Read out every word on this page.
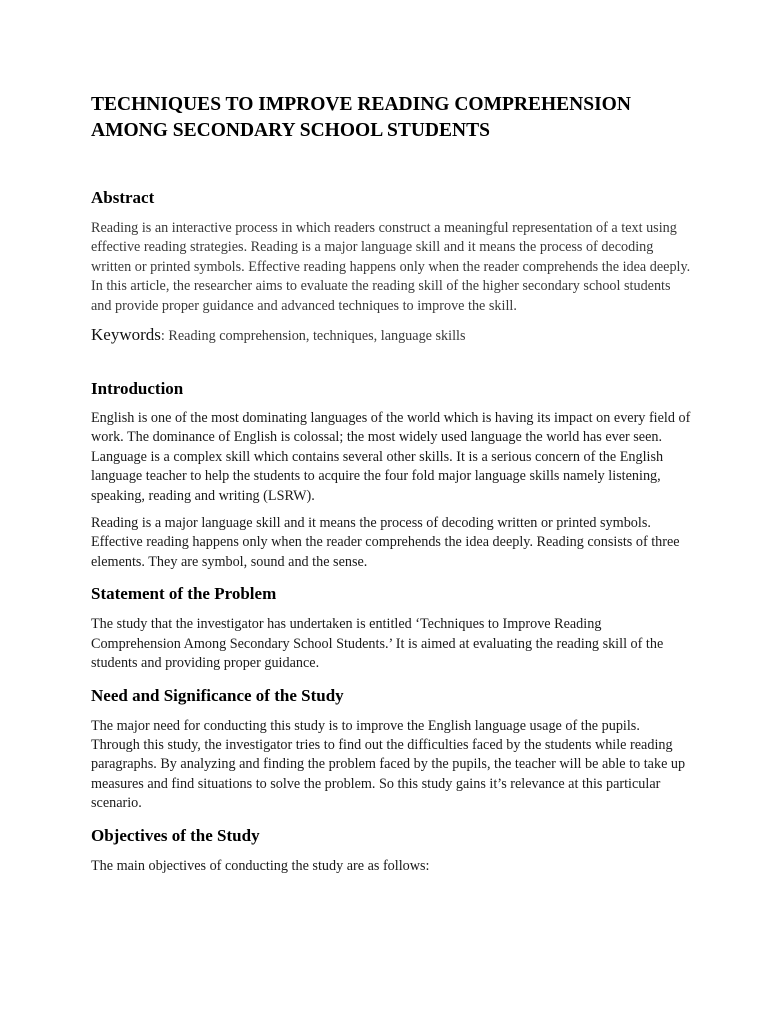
TECHNIQUES TO IMPROVE READING COMPREHENSION
AMONG SECONDARY SCHOOL STUDENTS
Abstract

Reading is an interactive process in which readers construct a meaningful representation of a text using effective reading strategies. Reading is a major language skill and it means the process of decoding written or printed symbols. Effective reading happens only when the reader comprehends the idea deeply. In this article, the researcher aims to evaluate the reading skill of the higher secondary school students and provide proper guidance and advanced techniques to improve the skill.

Keywords: Reading comprehension, techniques, language skills

Introduction

English is one of the most dominating languages of the world which is having its impact on every field of work. The dominance of English is colossal; the most widely used language the world has ever seen. Language is a complex skill which contains several other skills. It is a serious concern of the English language teacher to help the students to acquire the four fold major language skills namely listening, speaking, reading and writing (LSRW).

Reading is a major language skill and it means the process of decoding written or printed symbols. Effective reading happens only when the reader comprehends the idea deeply. Reading consists of three elements. They are symbol, sound and the sense.

Statement of the Problem

The study that the investigator has undertaken is entitled ‘Techniques to Improve Reading Comprehension Among Secondary School Students.’ It is aimed at evaluating the reading skill of the students and providing proper guidance.

Need and Significance of the Study

The major need for conducting this study is to improve the English language usage of the pupils. Through this study, the investigator tries to find out the difficulties faced by the students while reading paragraphs. By analyzing and finding the problem faced by the pupils, the teacher will be able to take up measures and find situations to solve the problem. So this study gains it’s relevance at this particular scenario.

Objectives of the Study

The main objectives of conducting the study are as follows:
